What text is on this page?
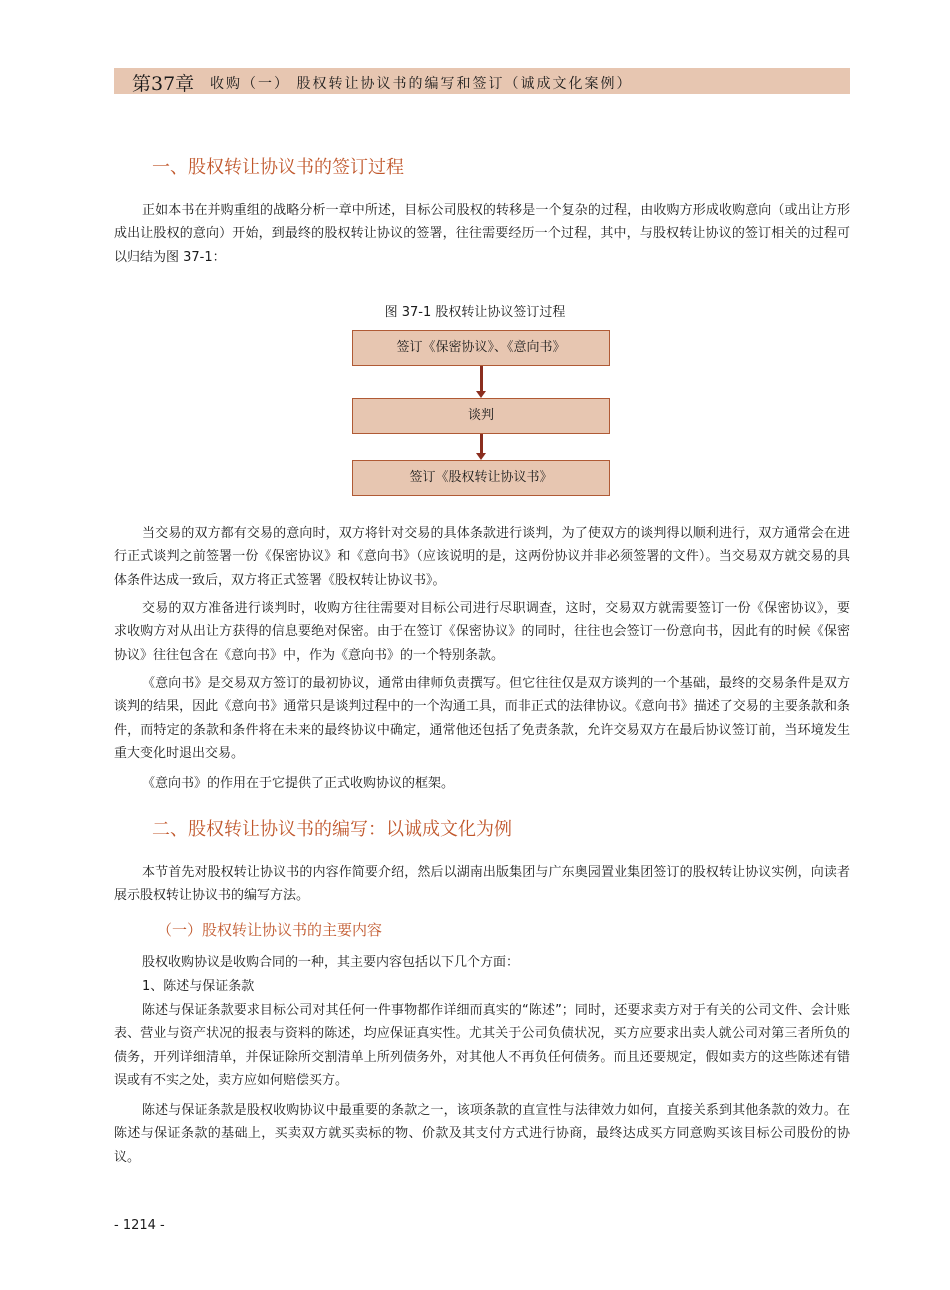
第37章 收购（一） 股权转让协议书的编写和签订（诚成文化案例）
一、股权转让协议书的签订过程

正如本书在并购重组的战略分析一章中所述，目标公司股权的转移是一个复杂的过程，由收购方形成收购意向（或出让方形成出让股权的意向）开始，到最终的股权转让协议的签署，往往需要经历一个过程，其中，与股权转让协议的签订相关的过程可以归结为图 37-1：

图 37-1 股权转让协议签订过程
签订《保密协议》、《意向书》
谈判
签订《股权转让协议书》

当交易的双方都有交易的意向时，双方将针对交易的具体条款进行谈判，为了使双方的谈判得以顺利进行，双方通常会在进行正式谈判之前签署一份《保密协议》和《意向书》（应该说明的是，这两份协议并非必须签署的文件）。当交易双方就交易的具体条件达成一致后，双方将正式签署《股权转让协议书》。

交易的双方准备进行谈判时，收购方往往需要对目标公司进行尽职调查，这时，交易双方就需要签订一份《保密协议》，要求收购方对从出让方获得的信息要绝对保密。由于在签订《保密协议》的同时，往往也会签订一份意向书，因此有的时候《保密协议》往往包含在《意向书》中，作为《意向书》的一个特别条款。

《意向书》是交易双方签订的最初协议，通常由律师负责撰写。但它往往仅是双方谈判的一个基础，最终的交易条件是双方谈判的结果，因此《意向书》通常只是谈判过程中的一个沟通工具，而非正式的法律协议。《意向书》描述了交易的主要条款和条件，而特定的条款和条件将在未来的最终协议中确定，通常他还包括了免责条款，允许交易双方在最后协议签订前，当环境发生重大变化时退出交易。

《意向书》的作用在于它提供了正式收购协议的框架。

二、股权转让协议书的编写：以诚成文化为例

本节首先对股权转让协议书的内容作简要介绍，然后以湖南出版集团与广东奥园置业集团签订的股权转让协议实例，向读者展示股权转让协议书的编写方法。

（一）股权转让协议书的主要内容

股权收购协议是收购合同的一种，其主要内容包括以下几个方面：

1、陈述与保证条款

陈述与保证条款要求目标公司对其任何一件事物都作详细而真实的“陈述”；同时，还要求卖方对于有关的公司文件、会计账表、营业与资产状况的报表与资料的陈述，均应保证真实性。尤其关于公司负债状况，买方应要求出卖人就公司对第三者所负的债务，开列详细清单，并保证除所交割清单上所列债务外，对其他人不再负任何债务。而且还要规定，假如卖方的这些陈述有错误或有不实之处，卖方应如何赔偿买方。

陈述与保证条款是股权收购协议中最重要的条款之一，该项条款的直宣性与法律效力如何，直接关系到其他条款的效力。在陈述与保证条款的基础上，买卖双方就买卖标的物、价款及其支付方式进行协商，最终达成买方同意购买该目标公司股份的协议。

- 1214 -
